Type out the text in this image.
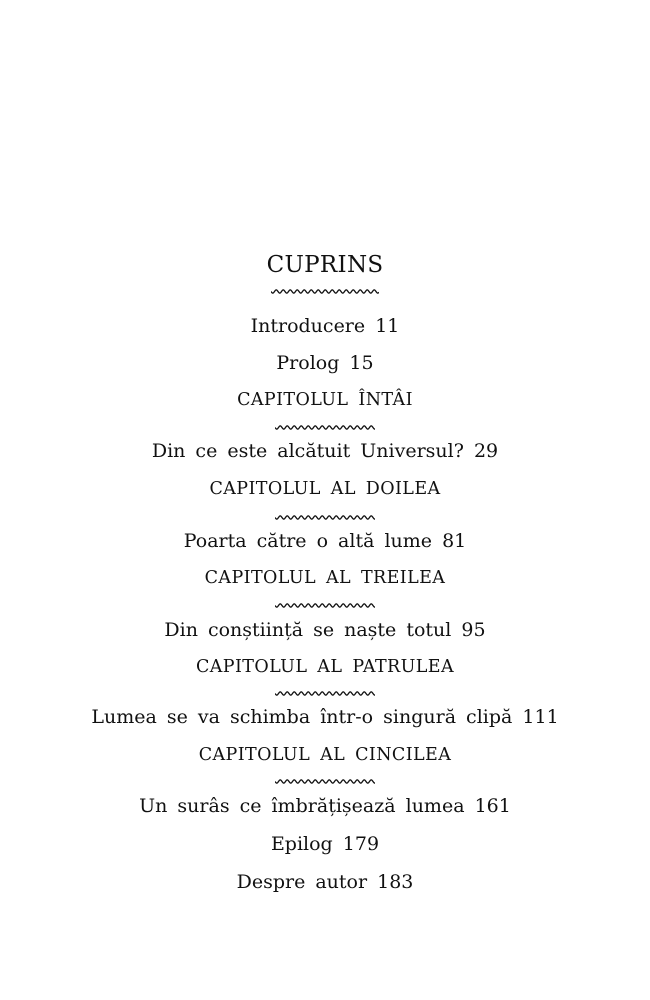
CUPRINS
Introducere 11
Prolog 15
CAPITOLUL ÎNTÂI
Din ce este alcătuit Universul? 29
CAPITOLUL AL DOILEA
Poarta către o altă lume 81
CAPITOLUL AL TREILEA
Din conștiință se naște totul 95
CAPITOLUL AL PATRULEA
Lumea se va schimba într-o singură clipă 111
CAPITOLUL AL CINCILEA
Un surâs ce îmbrățișează lumea 161
Epilog 179
Despre autor 183
